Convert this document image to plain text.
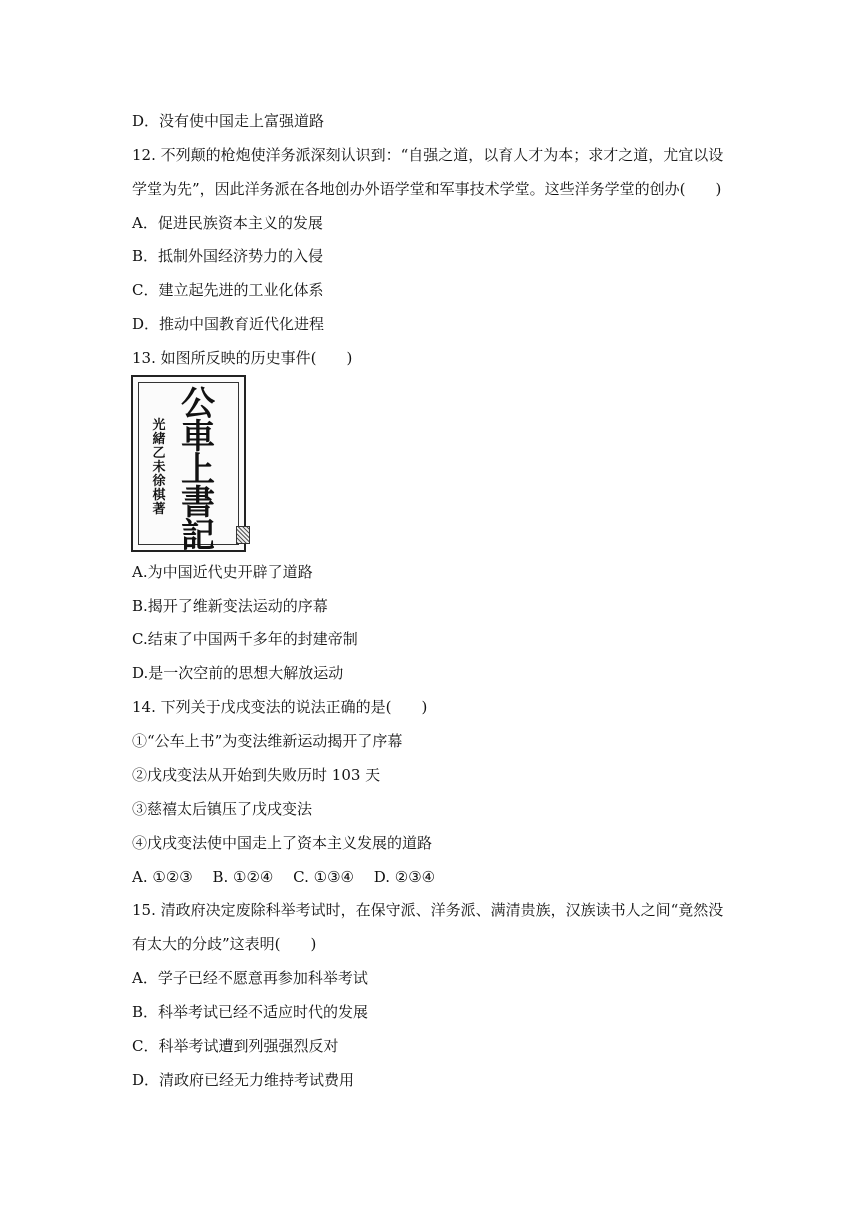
D．没有使中国走上富强道路
12. 不列颠的枪炮使洋务派深刻认识到：“自强之道，以育人才为本；求才之道，尤宜以设
学堂为先”，因此洋务派在各地创办外语学堂和军事技术学堂。这些洋务学堂的创办(　　)
A．促进民族资本主义的发展
B．抵制外国经济势力的入侵
C．建立起先进的工业化体系
D．推动中国教育近代化进程
13. 如图所反映的历史事件(　　)
公
車
上
書
記
光
緒
乙
未
徐
棋
著
A.为中国近代史开辟了道路
B.揭开了维新变法运动的序幕
C.结束了中国两千多年的封建帝制
D.是一次空前的思想大解放运动
14. 下列关于戊戌变法的说法正确的是(　　)
①“公车上书”为变法维新运动揭开了序幕
②戊戌变法从开始到失败历时 103 天
③慈禧太后镇压了戊戌变法
④戊戌变法使中国走上了资本主义发展的道路
A. ①②③　 B. ①②④　 C. ①③④　 D. ②③④
15. 清政府决定废除科举考试时，在保守派、洋务派、满清贵族，汉族读书人之间“竟然没
有太大的分歧”这表明(　　)
A．学子已经不愿意再参加科举考试
B．科举考试已经不适应时代的发展
C．科举考试遭到列强强烈反对
D．清政府已经无力维持考试费用
